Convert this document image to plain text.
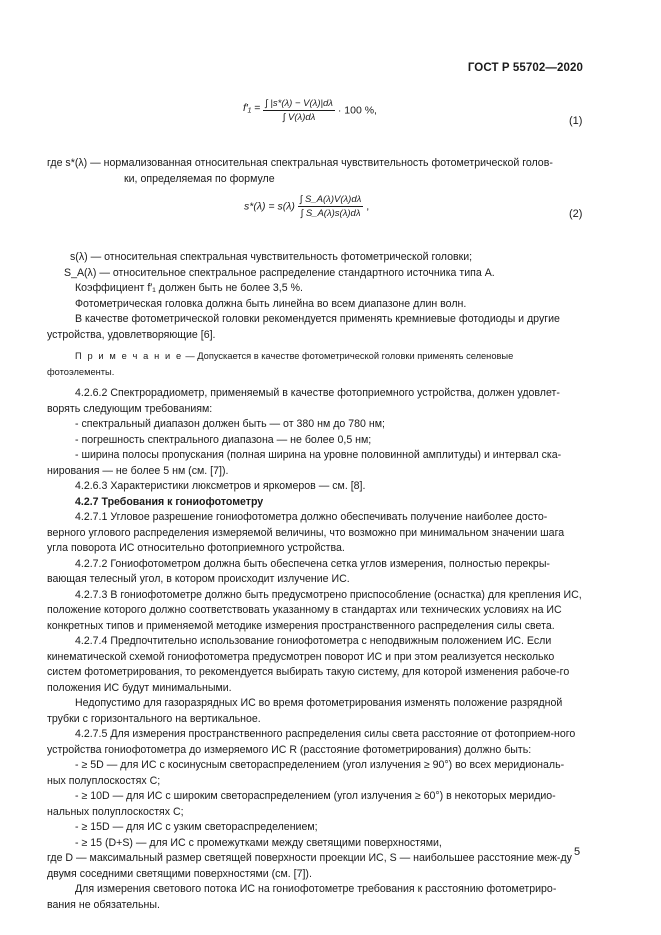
ГОСТ Р 55702—2020
$f'_1 = \frac{\int |s*(\lambda) - V(\lambda)|d\lambda}{\int V(\lambda)d\lambda} \cdot 100$ %,
(1)
где s*(λ) — нормализованная относительная спектральная чувствительность фотометрической голов-
ки, определяемая по формуле
$s*(\lambda) = s(\lambda) \frac{\int S\_A(\lambda)V(\lambda)d\lambda}{\int S\_A(\lambda)s(\lambda)d\lambda}$ ,
(2)
s(λ) — относительная спектральная чувствительность фотометрической головки;
S_A(λ) — относительное спектральное распределение стандартного источника типа А.

Коэффициент f′₁ должен быть не более 3,5 %.

Фотометрическая головка должна быть линейна во всем диапазоне длин волн.

В качестве фотометрической головки рекомендуется применять кремниевые фотодиоды и другие устройства, удовлетворяющие [6].

П р и м е ч а н и е — Допускается в качестве фотометрической головки применять селеновые фотоэлементы.

4.2.6.2 Спектрорадиометр, применяемый в качестве фотоприемного устройства, должен удовлет-ворять следующим требованиям:

- спектральный диапазон должен быть — от 380 нм до 780 нм;

- погрешность спектрального диапазона — не более 0,5 нм;

- ширина полосы пропускания (полная ширина на уровне половинной амплитуды) и интервал ска-нирования — не более 5 нм (см. [7]).

4.2.6.3 Характеристики люксметров и яркомеров — см. [8].

4.2.7 Требования к гониофотометру

4.2.7.1 Угловое разрешение гониофотометра должно обеспечивать получение наиболее досто-верного углового распределения измеряемой величины, что возможно при минимальном значении шага угла поворота ИС относительно фотоприемного устройства.

4.2.7.2 Гониофотометром должна быть обеспечена сетка углов измерения, полностью перекры-вающая телесный угол, в котором происходит излучение ИС.

4.2.7.3 В гониофотометре должно быть предусмотрено приспособление (оснастка) для крепления ИС, положение которого должно соответствовать указанному в стандартах или технических условиях на ИС конкретных типов и применяемой методике измерения пространственного распределения силы света.

4.2.7.4 Предпочтительно использование гониофотометра с неподвижным положением ИС. Если кинематической схемой гониофотометра предусмотрен поворот ИС и при этом реализуется несколько систем фотометрирования, то рекомендуется выбирать такую систему, для которой изменения рабоче-го положения ИС будут минимальными.

Недопустимо для газоразрядных ИС во время фотометрирования изменять положение разрядной трубки с горизонтального на вертикальное.

4.2.7.5 Для измерения пространственного распределения силы света расстояние от фотоприем-ного устройства гониофотометра до измеряемого ИС R (расстояние фотометрирования) должно быть:

- ≥ 5D — для ИС с косинусным светораспределением (угол излучения ≥ 90°) во всех меридиональ-ных полуплоскостях C;

- ≥ 10D — для ИС с широким светораспределением (угол излучения ≥ 60°) в некоторых меридио-нальных полуплоскостях C;

- ≥ 15D — для ИС с узким светораспределением;

- ≥ 15 (D+S) — для ИС с промежутками между светящими поверхностями,

где D — максимальный размер светящей поверхности проекции ИС, S — наибольшее расстояние меж-ду двумя соседними светящими поверхностями (см. [7]).

Для измерения светового потока ИС на гониофотометре требования к расстоянию фотометриро-вания не обязательны.

5
